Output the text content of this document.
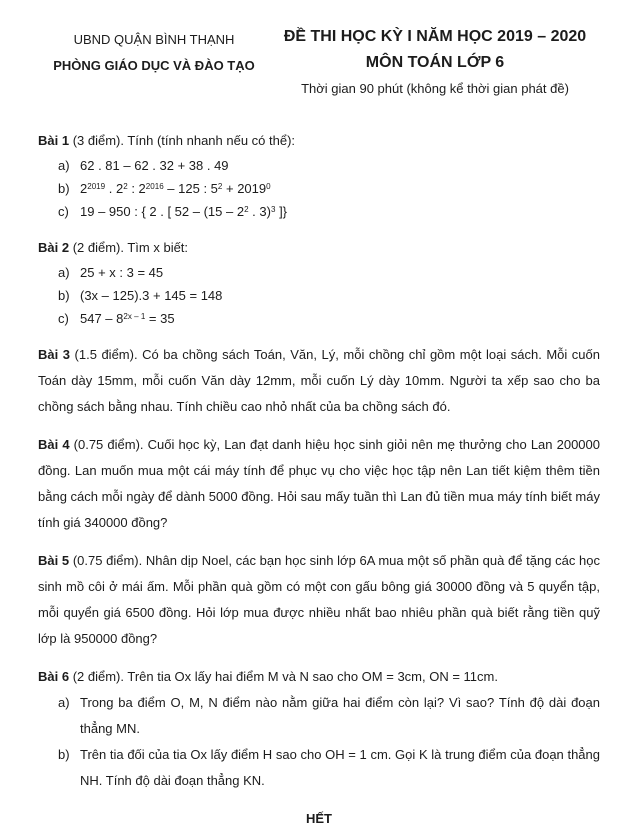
UBND QUẬN BÌNH THẠNH
PHÒNG GIÁO DỤC VÀ ĐÀO TẠO
ĐỀ THI HỌC KỲ I NĂM HỌC 2019 – 2020
MÔN TOÁN LỚP 6
Thời gian 90 phút (không kể thời gian phát đề)

Bài 1 (3 điểm). Tính (tính nhanh nếu có thể):

a) 62 . 81 – 62 . 32 + 38 . 49
b) $2^{2019}$ . $2^2$ : $2^{2016} - 125$ : $5^2 + 2019^0$
c) 19 – 950 : { 2 . [ $52 - (15 - 2^2$ . 3)$^3$ ]}

Bài 2 (2 điểm). Tìm x biết:

a) 25 + x : 3 = 45
b) (3x – 125).3 + 145 = 148
c) $547 - 8^{2x - 1} = 35$

Bài 3 (1.5 điểm). Có ba chồng sách Toán, Văn, Lý, mỗi chồng chỉ gồm một loại sách. Mỗi cuốn Toán dày 15mm, mỗi cuốn Văn dày 12mm, mỗi cuốn Lý dày 10mm. Người ta xếp sao cho ba chồng sách bằng nhau. Tính chiều cao nhỏ nhất của ba chồng sách đó.

Bài 4 (0.75 điểm). Cuối học kỳ, Lan đạt danh hiệu học sinh giỏi nên mẹ thưởng cho Lan 200000 đồng. Lan muốn mua một cái máy tính để phục vụ cho việc học tập nên Lan tiết kiệm thêm tiền bằng cách mỗi ngày để dành 5000 đồng. Hỏi sau mấy tuần thì Lan đủ tiền mua máy tính biết máy tính giá 340000 đồng?

Bài 5 (0.75 điểm). Nhân dịp Noel, các bạn học sinh lớp 6A mua một số phần quà để tặng các học sinh mồ côi ở mái ấm. Mỗi phần quà gồm có một con gấu bông giá 30000 đồng và 5 quyển tập, mỗi quyển giá 6500 đồng. Hỏi lớp mua được nhiều nhất bao nhiêu phần quà biết rằng tiền quỹ lớp là 950000 đồng?

Bài 6 (2 điểm). Trên tia Ox lấy hai điểm M và N sao cho OM = 3cm, ON = 11cm.

a) Trong ba điểm O, M, N điểm nào nằm giữa hai điểm còn lại? Vì sao? Tính độ dài đoạn thẳng MN.
b) Trên tia đối của tia Ox lấy điểm H sao cho OH = 1 cm. Gọi K là trung điểm của đoạn thẳng NH. Tính độ dài đoạn thẳng KN.
HẾT
